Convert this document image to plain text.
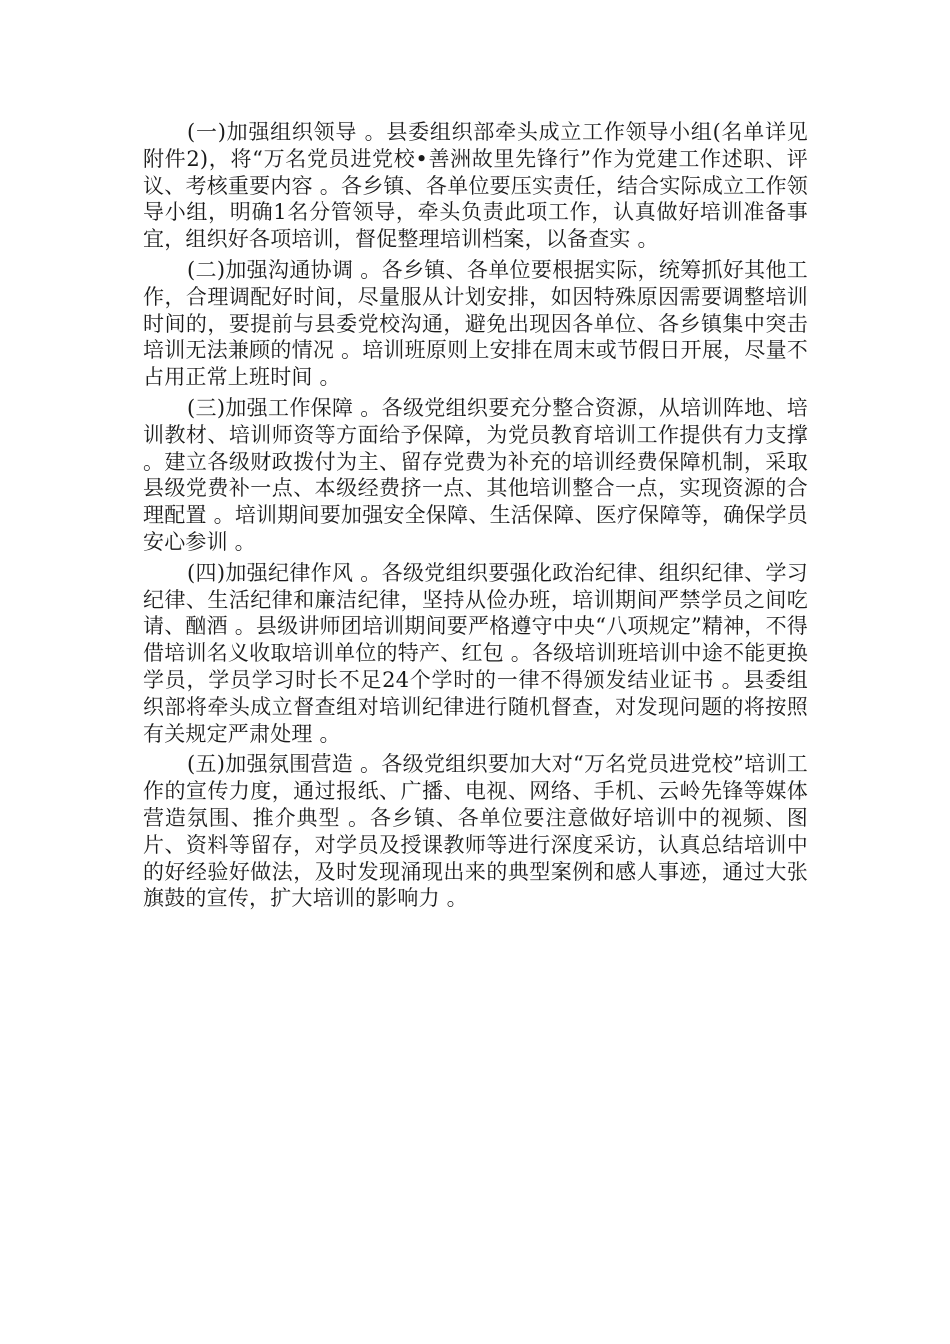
(一)加强组织领导 。县委组织部牵头成立工作领导小组(名单详见附件2)，将“万名党员进党校•善洲故里先锋行”作为党建工作述职、评议、考核重要内容 。各乡镇、各单位要压实责任，结合实际成立工作领导小组，明确1名分管领导，牵头负责此项工作，认真做好培训准备事宜，组织好各项培训，督促整理培训档案，以备查实 。

(二)加强沟通协调 。各乡镇、各单位要根据实际，统筹抓好其他工作，合理调配好时间，尽量服从计划安排，如因特殊原因需要调整培训时间的，要提前与县委党校沟通，避免出现因各单位、各乡镇集中突击培训无法兼顾的情况 。培训班原则上安排在周末或节假日开展，尽量不占用正常上班时间 。

(三)加强工作保障 。各级党组织要充分整合资源，从培训阵地、培训教材、培训师资等方面给予保障，为党员教育培训工作提供有力支撑 。建立各级财政拨付为主、留存党费为补充的培训经费保障机制，采取县级党费补一点、本级经费挤一点、其他培训整合一点，实现资源的合理配置 。培训期间要加强安全保障、生活保障、医疗保障等，确保学员安心参训 。

(四)加强纪律作风 。各级党组织要强化政治纪律、组织纪律、学习纪律、生活纪律和廉洁纪律，坚持从俭办班，培训期间严禁学员之间吃请、酗酒 。县级讲师团培训期间要严格遵守中央“八项规定”精神，不得借培训名义收取培训单位的特产、红包 。各级培训班培训中途不能更换学员，学员学习时长不足24个学时的一律不得颁发结业证书 。县委组织部将牵头成立督查组对培训纪律进行随机督查，对发现问题的将按照有关规定严肃处理 。

(五)加强氛围营造 。各级党组织要加大对“万名党员进党校”培训工作的宣传力度，通过报纸、广播、电视、网络、手机、云岭先锋等媒体营造氛围、推介典型 。各乡镇、各单位要注意做好培训中的视频、图片、资料等留存，对学员及授课教师等进行深度采访，认真总结培训中的好经验好做法，及时发现涌现出来的典型案例和感人事迹，通过大张旗鼓的宣传，扩大培训的影响力 。
